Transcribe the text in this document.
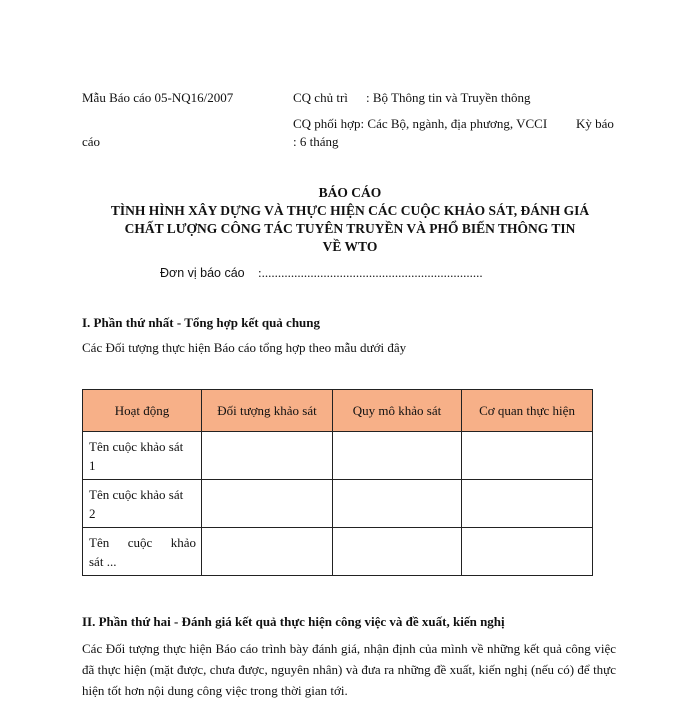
Mẫu Báo cáo 05-NQ16/2007	CQ chủ trì : Bộ Thông tin và Truyền thông
CQ phối hợp: Các Bộ, ngành, địa phương, VCCI Kỳ báo
cáo	: 6 tháng
BÁO CÁO
TÌNH HÌNH XÂY DỰNG VÀ THỰC HIỆN CÁC CUỘC KHẢO SÁT, ĐÁNH GIÁ
CHẤT LƯỢNG CÔNG TÁC TUYÊN TRUYỀN VÀ PHỔ BIẾN THÔNG TIN
VỀ WTO
Đơn vị báo cáo :....................................................................
I. Phần thứ nhất - Tổng hợp kết quả chung
Các Đối tượng thực hiện Báo cáo tổng hợp theo mẫu dưới đây
Hoạt động	Đối tượng khảo sát	Quy mô khảo sát	Cơ quan thực hiện

Tên cuộc khảo sát
1			

Tên cuộc khảo sát
2			

Tên cuộc khảo
sát ...			

II. Phần thứ hai - Đánh giá kết quả thực hiện công việc và đề xuất, kiến nghị
Các Đối tượng thực hiện Báo cáo trình bày đánh giá, nhận định của mình về những kết quả công việc đã thực hiện (mặt được, chưa được, nguyên nhân) và đưa ra những đề xuất, kiến nghị (nếu có) để thực hiện tốt hơn nội dung công việc trong thời gian tới.
